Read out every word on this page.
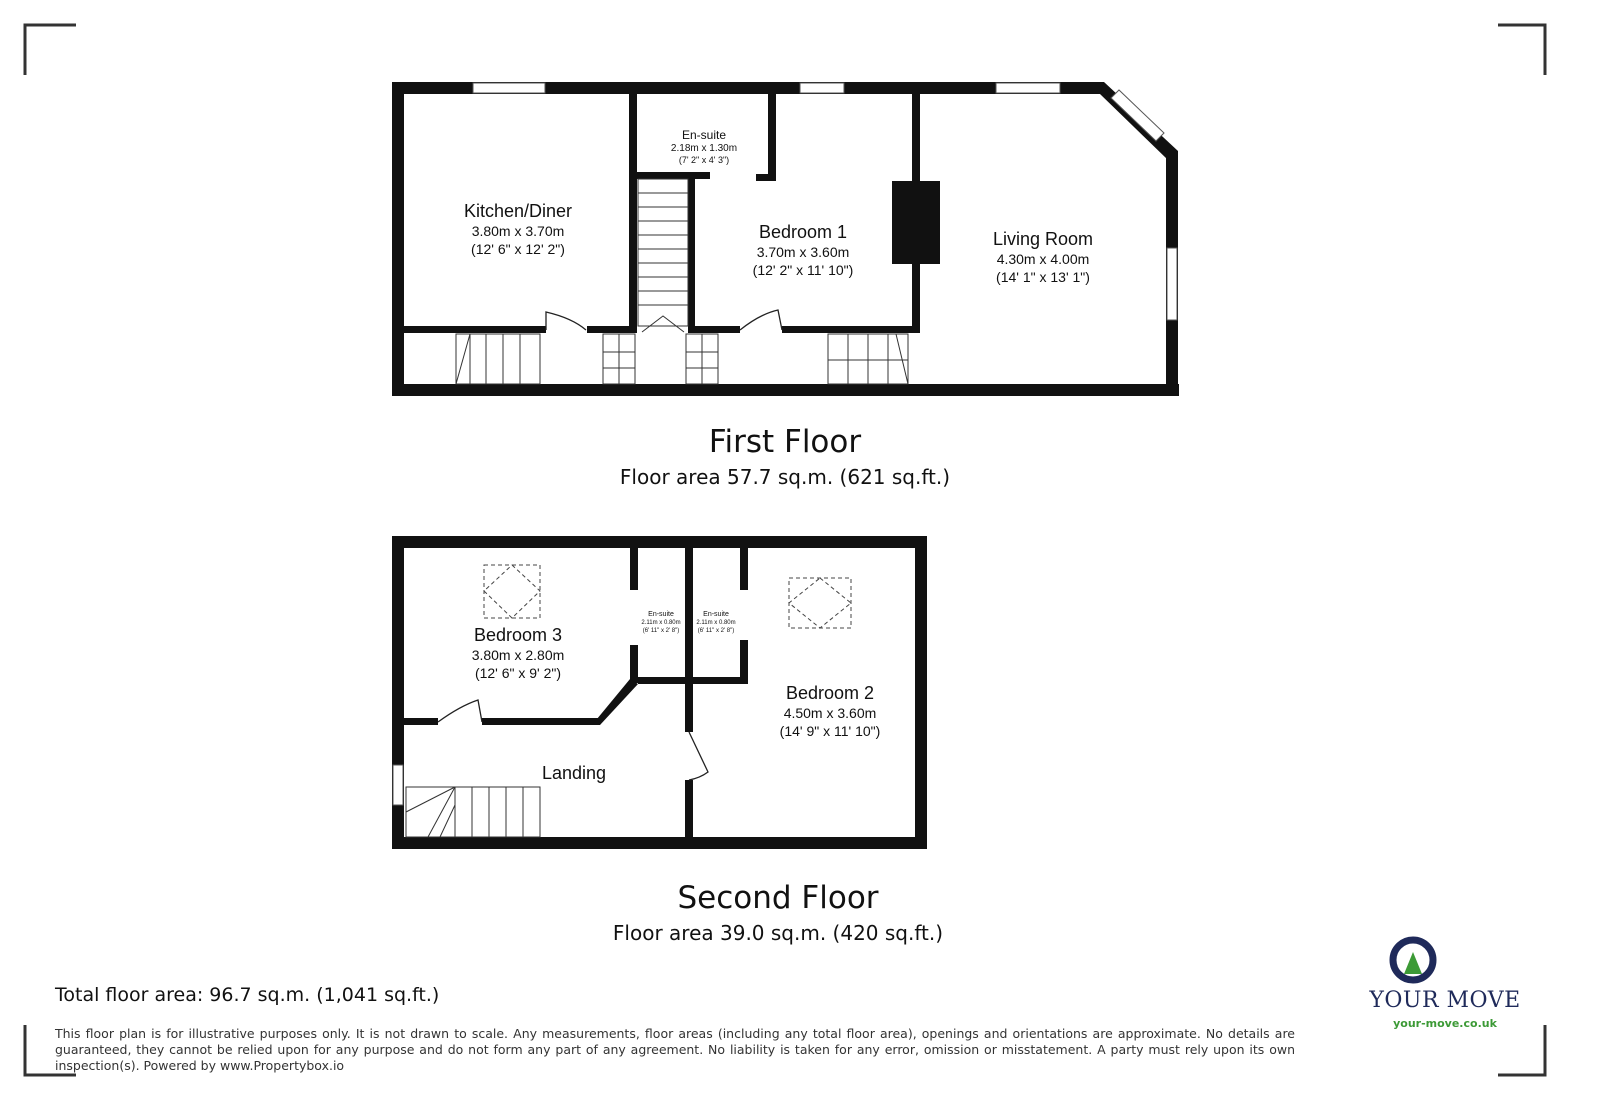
Kitchen/Diner
3.80m x 3.70m
(12' 6" x 12' 2")
En-suite
2.18m x 1.30m
(7' 2" x 4' 3")
Bedroom 1
3.70m x 3.60m
(12' 2" x 11' 10")
Living Room
4.30m x 4.00m
(14' 1" x 13' 1")
First Floor
Floor area 57.7 sq.m. (621 sq.ft.)
Bedroom 3
3.80m x 2.80m
(12' 6" x 9' 2")
En-suite
2.11m x 0.80m
(6' 11" x 2' 8")
En-suite
2.11m x 0.80m
(6' 11" x 2' 8")
Bedroom 2
4.50m x 3.60m
(14' 9" x 11' 10")
Landing
Second Floor
Floor area 39.0 sq.m. (420 sq.ft.)
Total floor area: 96.7 sq.m. (1,041 sq.ft.)
This floor plan is for illustrative purposes only. It is not drawn to scale. Any measurements, floor areas (including any total floor area), openings and orientations are approximate. No details are guaranteed, they cannot be relied upon for any purpose and do not form any part of any agreement. No liability is taken for any error, omission or misstatement. A party must rely upon its own inspection(s). Powered by www.Propertybox.io
YOUR MOVE
your-move.co.uk
